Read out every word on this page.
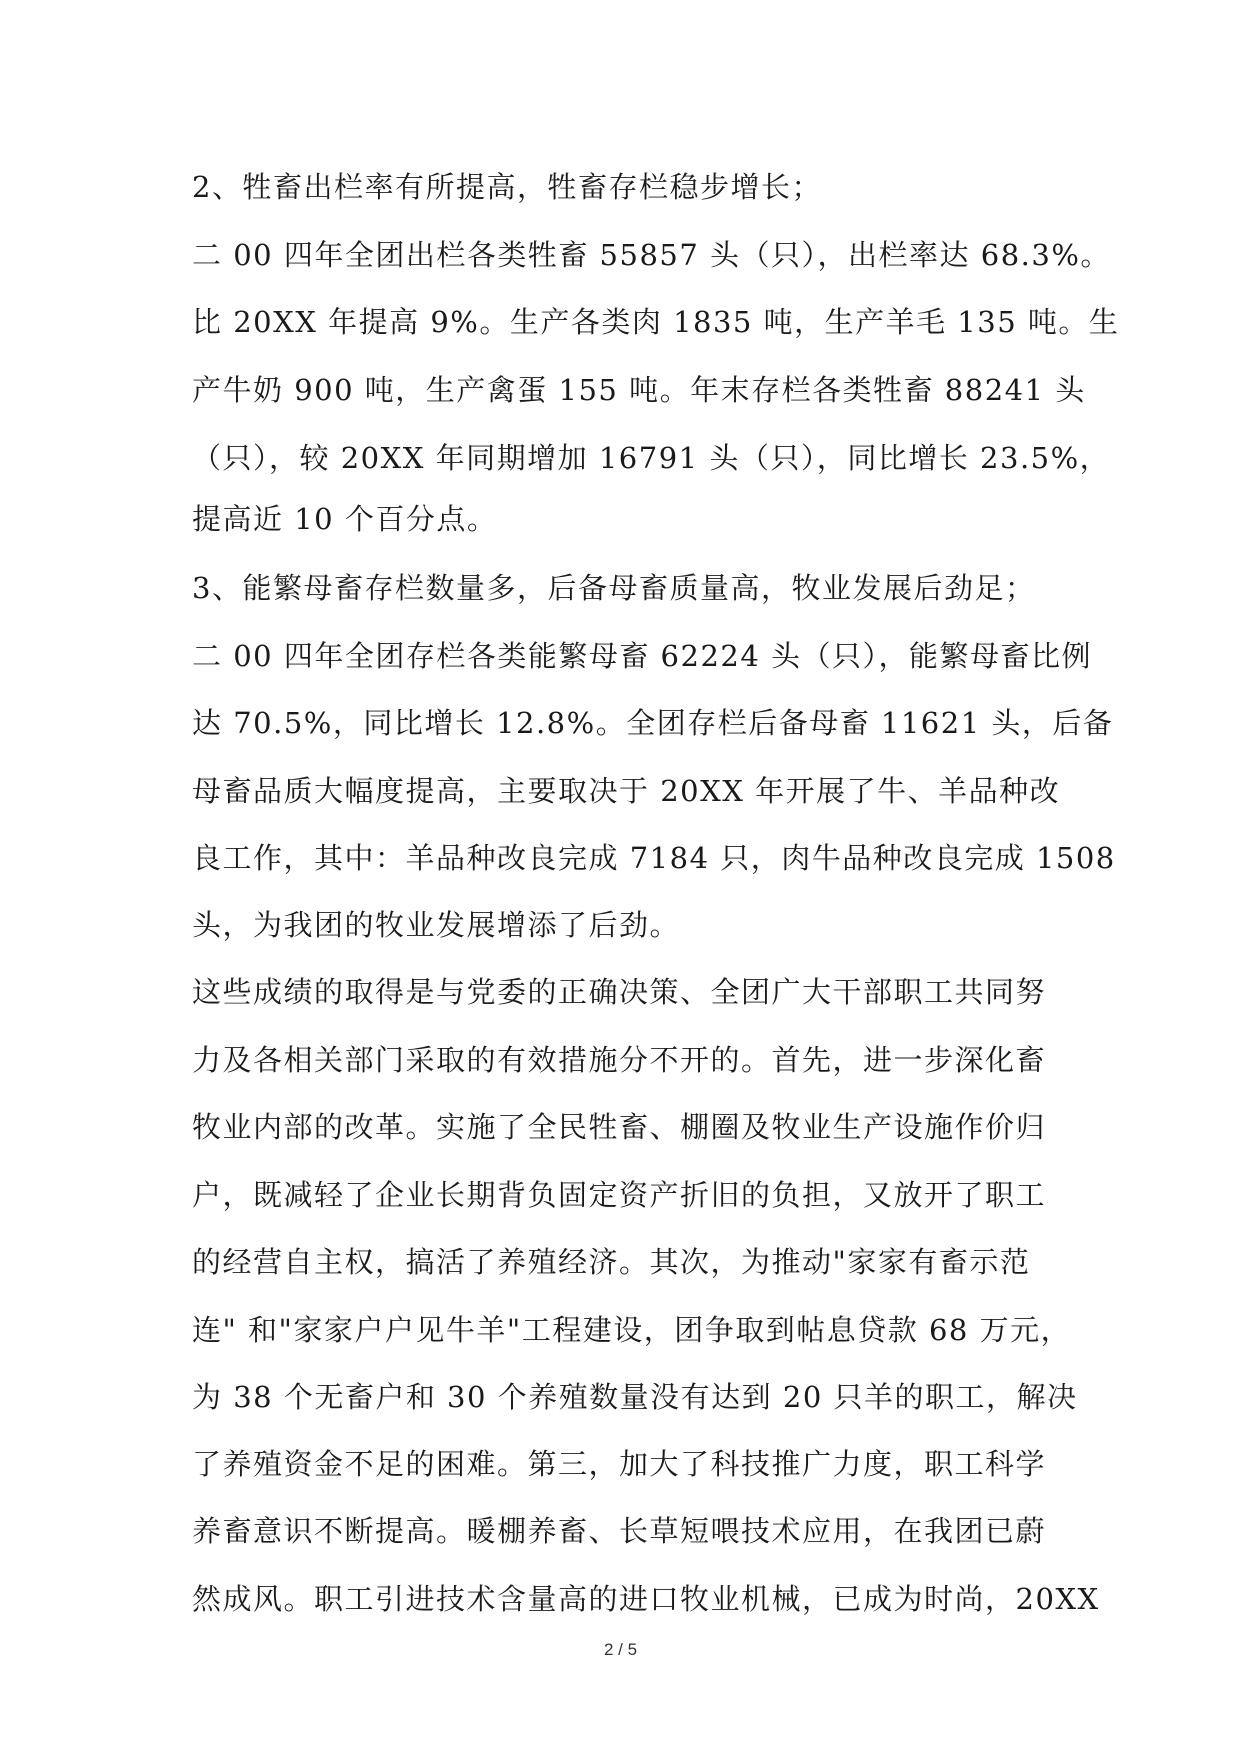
2、牲畜出栏率有所提高，牲畜存栏稳步增长；
二 00 四年全团出栏各类牲畜 55857 头（只），出栏率达 68.3%。
比 20XX 年提高 9%。生产各类肉 1835 吨，生产羊毛 135 吨。生
产牛奶 900 吨，生产禽蛋 155 吨。年末存栏各类牲畜 88241 头
（只），较 20XX 年同期增加 16791 头（只），同比增长 23.5%，
提高近 10 个百分点。
3、能繁母畜存栏数量多，后备母畜质量高，牧业发展后劲足；
二 00 四年全团存栏各类能繁母畜 62224 头（只），能繁母畜比例
达 70.5%，同比增长 12.8%。全团存栏后备母畜 11621 头，后备
母畜品质大幅度提高，主要取决于 20XX 年开展了牛、羊品种改
良工作，其中：羊品种改良完成 7184 只，肉牛品种改良完成 1508
头，为我团的牧业发展增添了后劲。
这些成绩的取得是与党委的正确决策、全团广大干部职工共同努
力及各相关部门采取的有效措施分不开的。首先，进一步深化畜
牧业内部的改革。实施了全民牲畜、棚圈及牧业生产设施作价归
户，既减轻了企业长期背负固定资产折旧的负担，又放开了职工
的经营自主权，搞活了养殖经济。其次，为推动"家家有畜示范
连" 和"家家户户见牛羊"工程建设，团争取到帖息贷款 68 万元，
为 38 个无畜户和 30 个养殖数量没有达到 20 只羊的职工，解决
了养殖资金不足的困难。第三，加大了科技推广力度，职工科学
养畜意识不断提高。暖棚养畜、长草短喂技术应用，在我团已蔚
然成风。职工引进技术含量高的进口牧业机械，已成为时尚，20XX
2 / 5
